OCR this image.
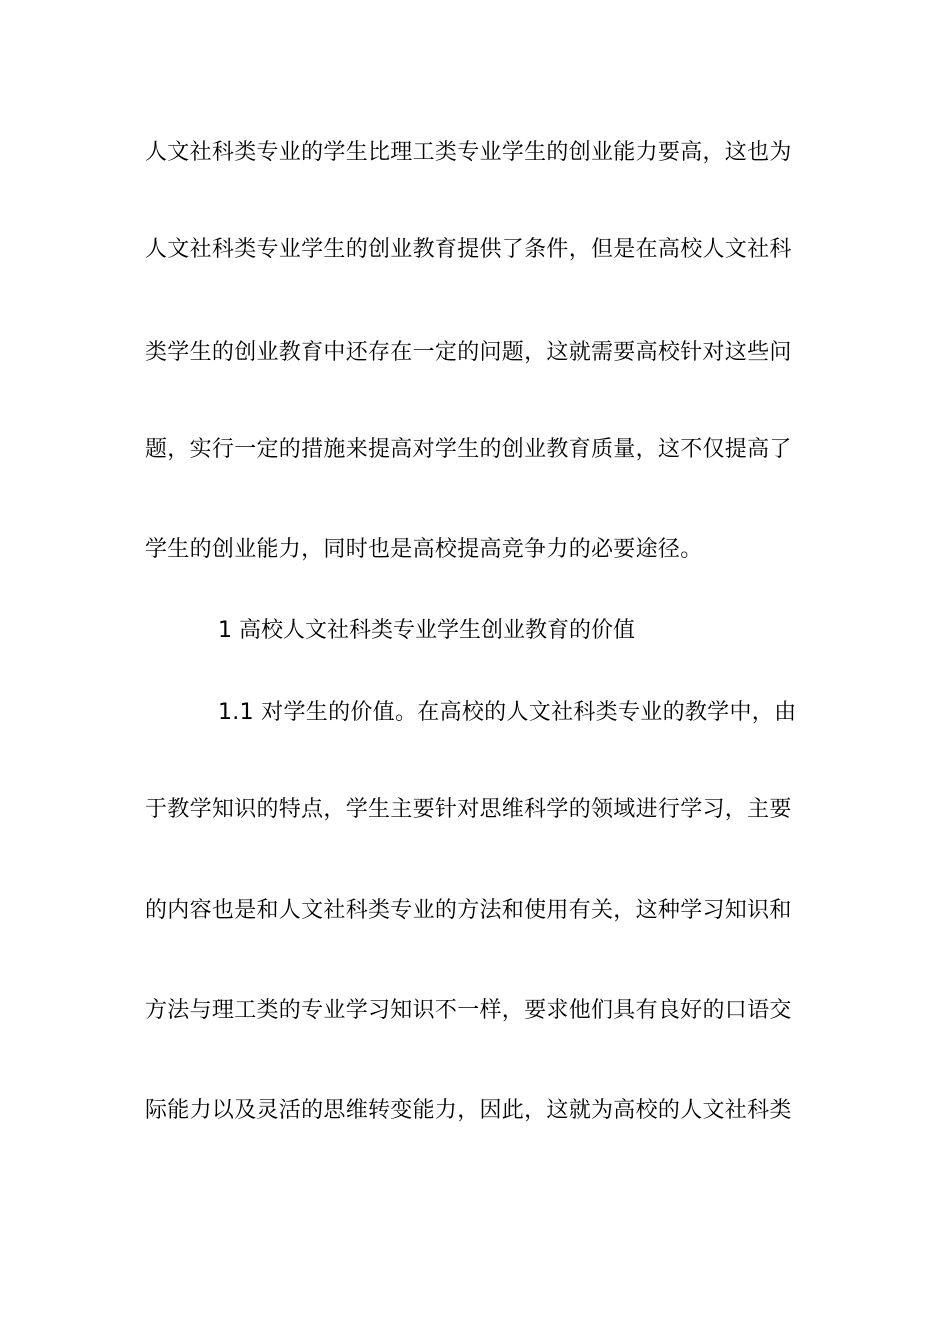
人文社科类专业的学生比理工类专业学生的创业能力要高，这也为
人文社科类专业学生的创业教育提供了条件，但是在高校人文社科
类学生的创业教育中还存在一定的问题，这就需要高校针对这些问
题，实行一定的措施来提高对学生的创业教育质量，这不仅提高了
学生的创业能力，同时也是高校提高竞争力的必要途径。
1 高校人文社科类专业学生创业教育的价值
1.1 对学生的价值。在高校的人文社科类专业的教学中，由
于教学知识的特点，学生主要针对思维科学的领域进行学习，主要
的内容也是和人文社科类专业的方法和使用有关，这种学习知识和
方法与理工类的专业学习知识不一样，要求他们具有良好的口语交
际能力以及灵活的思维转变能力，因此，这就为高校的人文社科类
